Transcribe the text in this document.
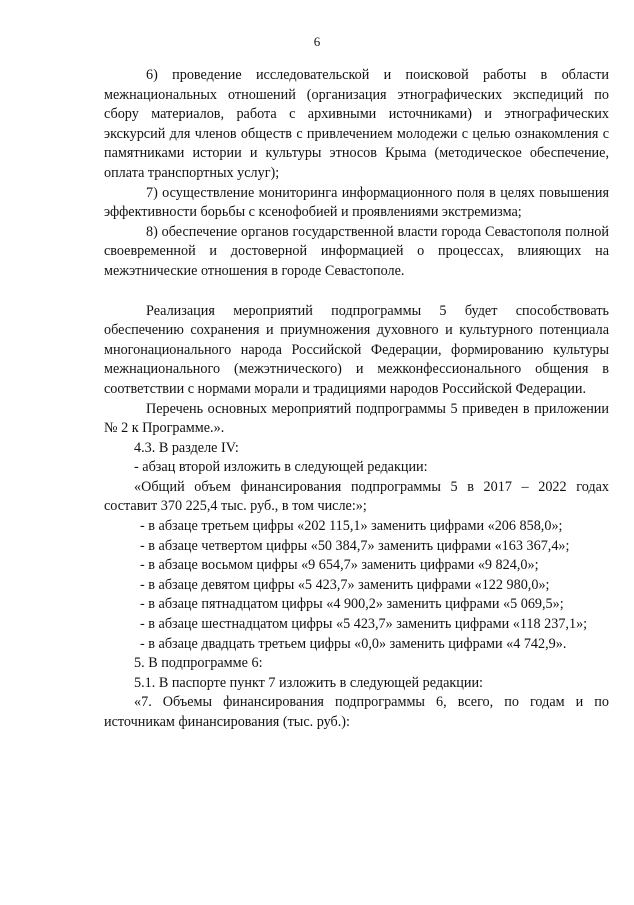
6

6) проведение исследовательской и поисковой работы в области межнациональных отношений (организация этнографических экспедиций по сбору материалов, работа с архивными источниками) и этнографических экскурсий для членов обществ с привлечением молодежи с целью ознакомления с памятниками истории и культуры этносов Крыма (методическое обеспечение, оплата транспортных услуг);

7) осуществление мониторинга информационного поля в целях повышения эффективности борьбы с ксенофобией и проявлениями экстремизма;

8) обеспечение органов государственной власти города Севастополя полной своевременной и достоверной информацией о процессах, влияющих на межэтнические отношения в городе Севастополе.

Реализация мероприятий подпрограммы 5 будет способствовать обеспечению сохранения и приумножения духовного и культурного потенциала многонационального народа Российской Федерации, формированию культуры межнационального (межэтнического) и межконфессионального общения в соответствии с нормами морали и традициями народов Российской Федерации.

Перечень основных мероприятий подпрограммы 5 приведен в приложении № 2 к Программе.».

4.3. В разделе IV:

- абзац второй изложить в следующей редакции:

«Общий объем финансирования подпрограммы 5 в 2017 – 2022 годах составит 370 225,4 тыс. руб., в том числе:»;

- в абзаце третьем цифры «202 115,1» заменить цифрами «206 858,0»;

- в абзаце четвертом цифры «50 384,7» заменить цифрами «163 367,4»;

- в абзаце восьмом цифры «9 654,7» заменить цифрами «9 824,0»;

- в абзаце девятом цифры «5 423,7» заменить цифрами «122 980,0»;

- в абзаце пятнадцатом цифры «4 900,2» заменить цифрами «5 069,5»;

- в абзаце шестнадцатом цифры «5 423,7» заменить цифрами «118 237,1»;

- в абзаце двадцать третьем цифры «0,0» заменить цифрами «4 742,9».

5. В подпрограмме 6:

5.1. В паспорте пункт 7 изложить в следующей редакции:

«7. Объемы финансирования подпрограммы 6, всего, по годам и по источникам финансирования (тыс. руб.):
